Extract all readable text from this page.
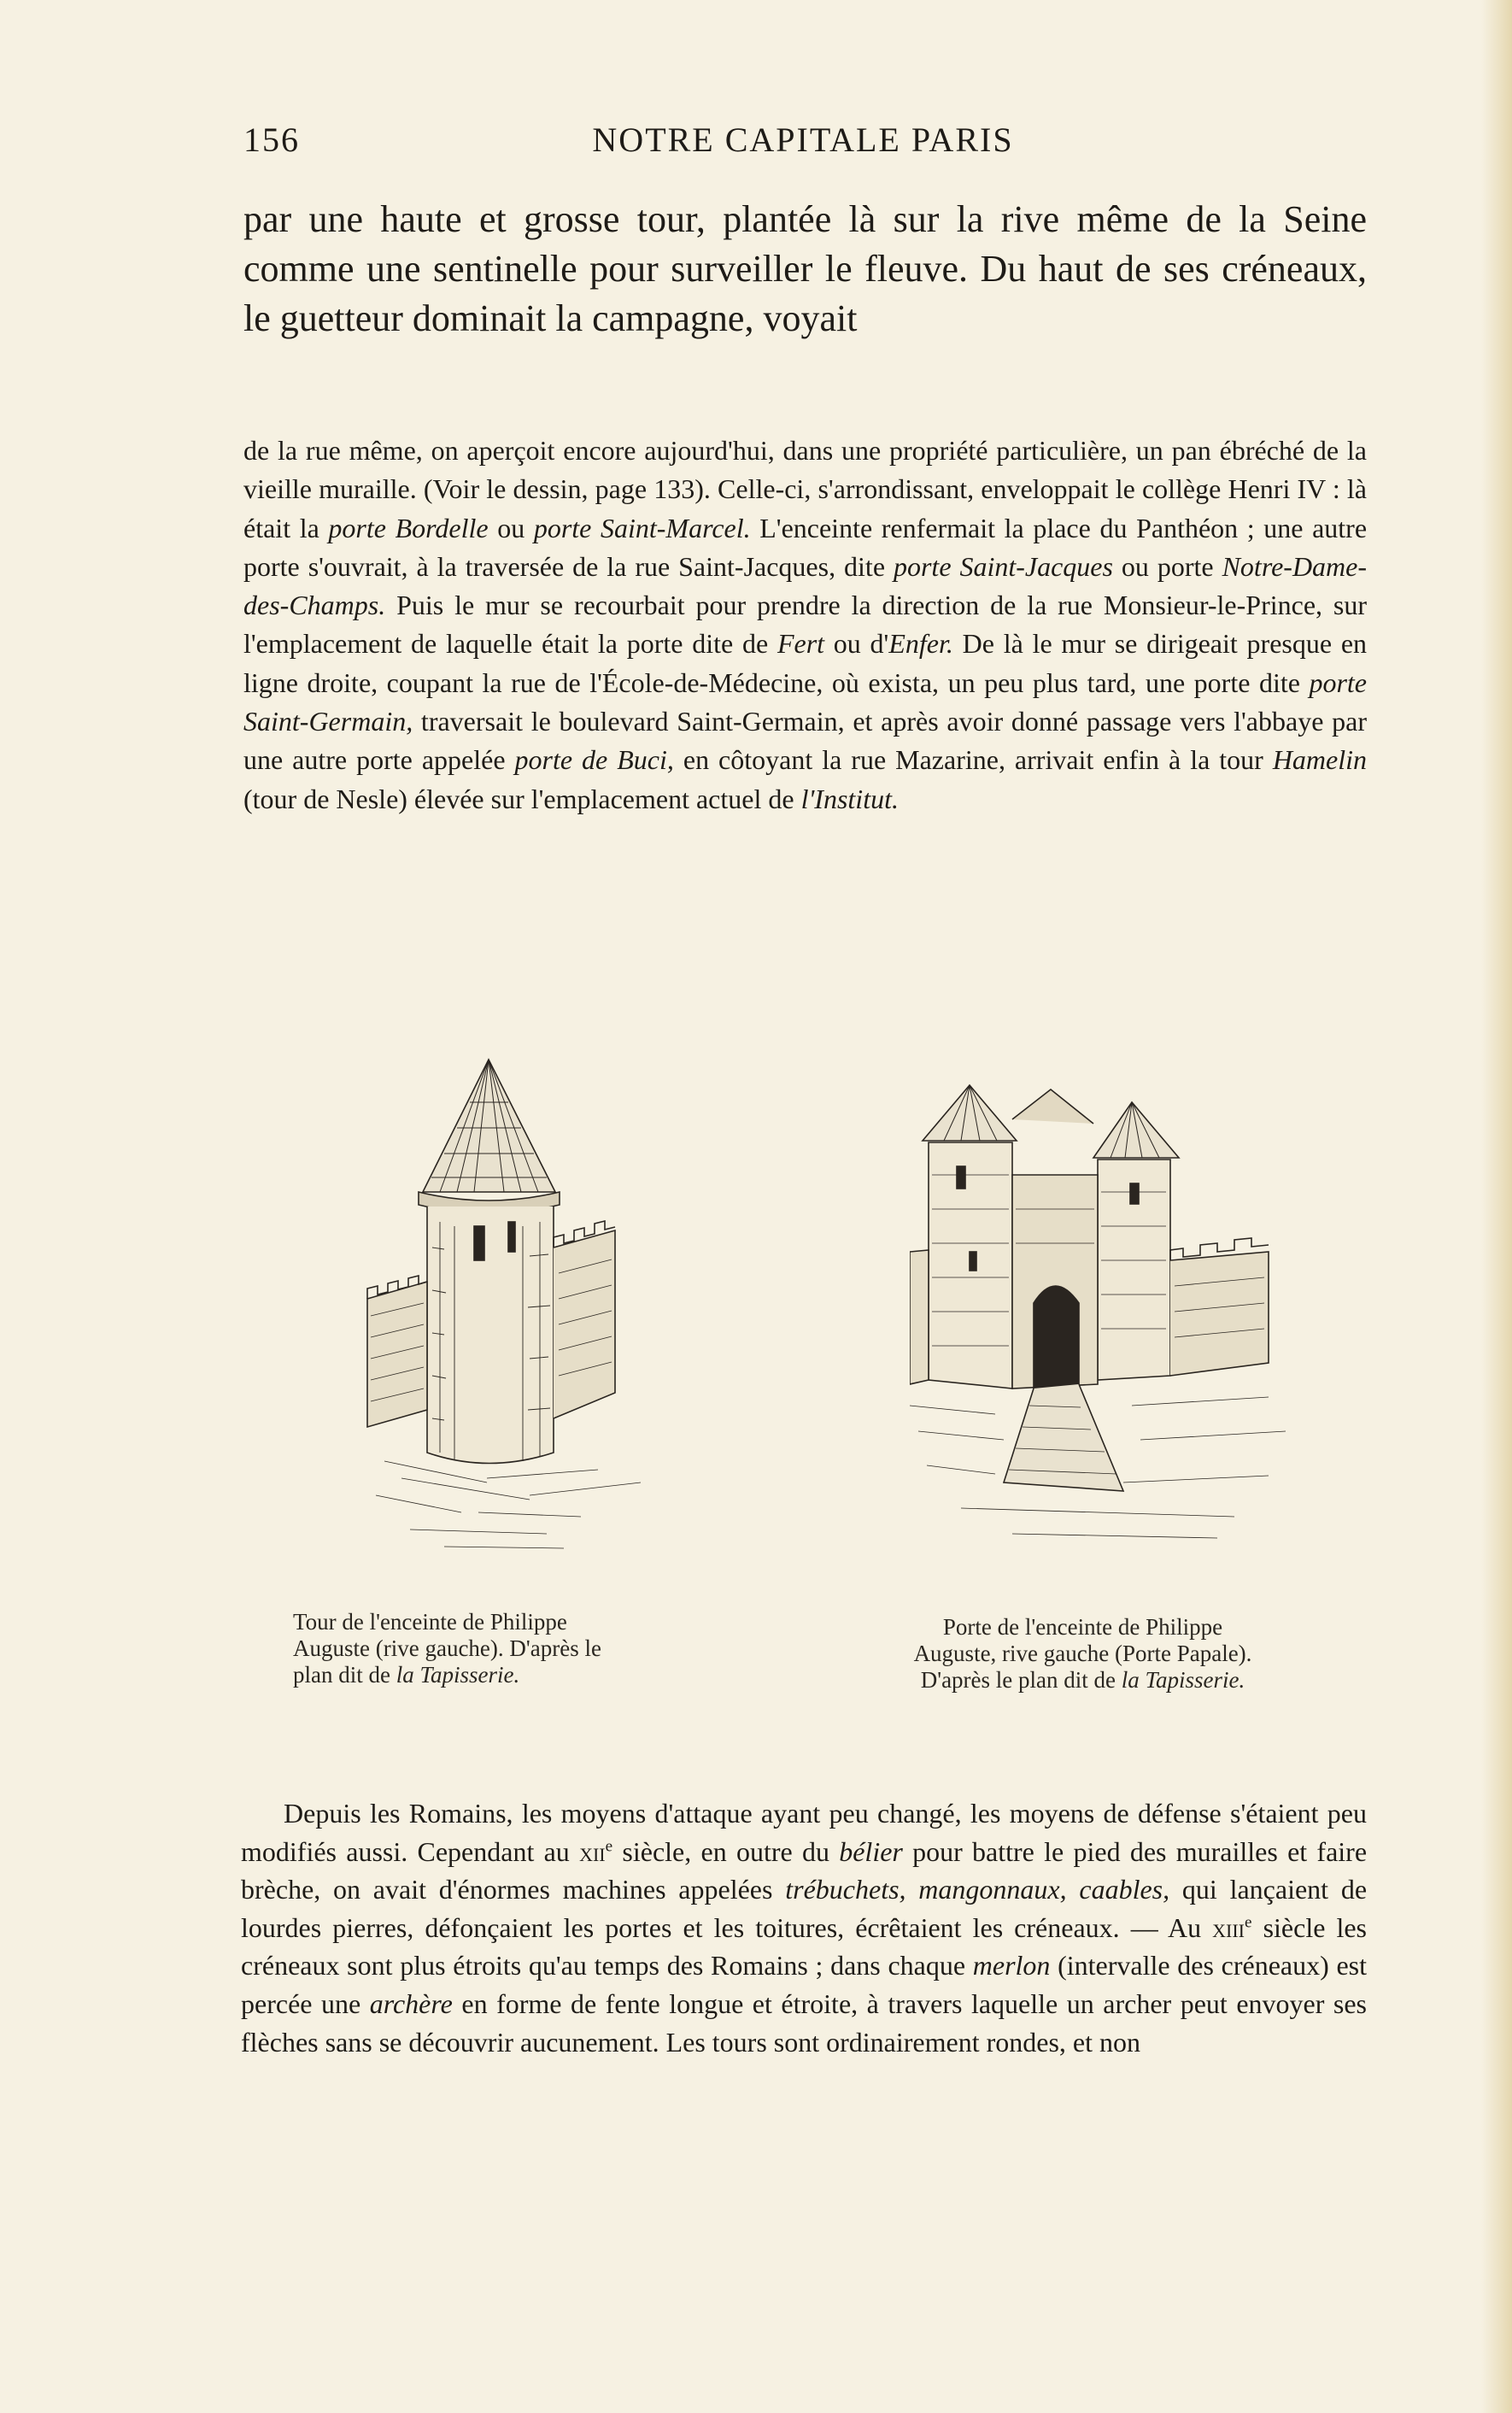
156	NOTRE CAPITALE PARIS

par une haute et grosse tour, plantée là sur la rive même de la Seine comme une sentinelle pour surveiller le fleuve. Du haut de ses créneaux, le guetteur dominait la campagne, voyait

de la rue même, on aperçoit encore aujourd'hui, dans une propriété particulière, un pan ébréché de la vieille muraille. (Voir le dessin, page 133). Celle-ci, s'arrondissant, enveloppait le collège Henri IV : là était la porte Bordelle ou porte Saint-Marcel. L'enceinte renfermait la place du Panthéon ; une autre porte s'ouvrait, à la traversée de la rue Saint-Jacques, dite porte Saint-Jacques ou porte Notre-Dame-des-Champs. Puis le mur se recourbait pour prendre la direction de la rue Monsieur-le-Prince, sur l'emplacement de laquelle était la porte dite de Fert ou d'Enfer. De là le mur se dirigeait presque en ligne droite, coupant la rue de l'École-de-Médecine, où exista, un peu plus tard, une porte dite porte Saint-Germain, traversait le boulevard Saint-Germain, et après avoir donné passage vers l'abbaye par une autre porte appelée porte de Buci, en côtoyant la rue Mazarine, arrivait enfin à la tour Hamelin (tour de Nesle) élevée sur l'emplacement actuel de l'Institut.

Tour de l'enceinte de Philippe
Auguste (rive gauche). D'après le
plan dit de la Tapisserie.
Porte de l'enceinte de Philippe
Auguste, rive gauche (Porte Papale).
D'après le plan dit de la Tapisserie.

Depuis les Romains, les moyens d'attaque ayant peu changé, les moyens de défense s'étaient peu modifiés aussi. Cependant au xii$^e$ siècle, en outre du bélier pour battre le pied des murailles et faire brèche, on avait d'énormes machines appelées trébuchets, mangonnaux, caables, qui lançaient de lourdes pierres, défonçaient les portes et les toitures, écrêtaient les créneaux. — Au xiii$^e$ siècle les créneaux sont plus étroits qu'au temps des Romains ; dans chaque merlon (intervalle des créneaux) est percée une archère en forme de fente longue et étroite, à travers laquelle un archer peut envoyer ses flèches sans se découvrir aucunement. Les tours sont ordinairement rondes, et non
